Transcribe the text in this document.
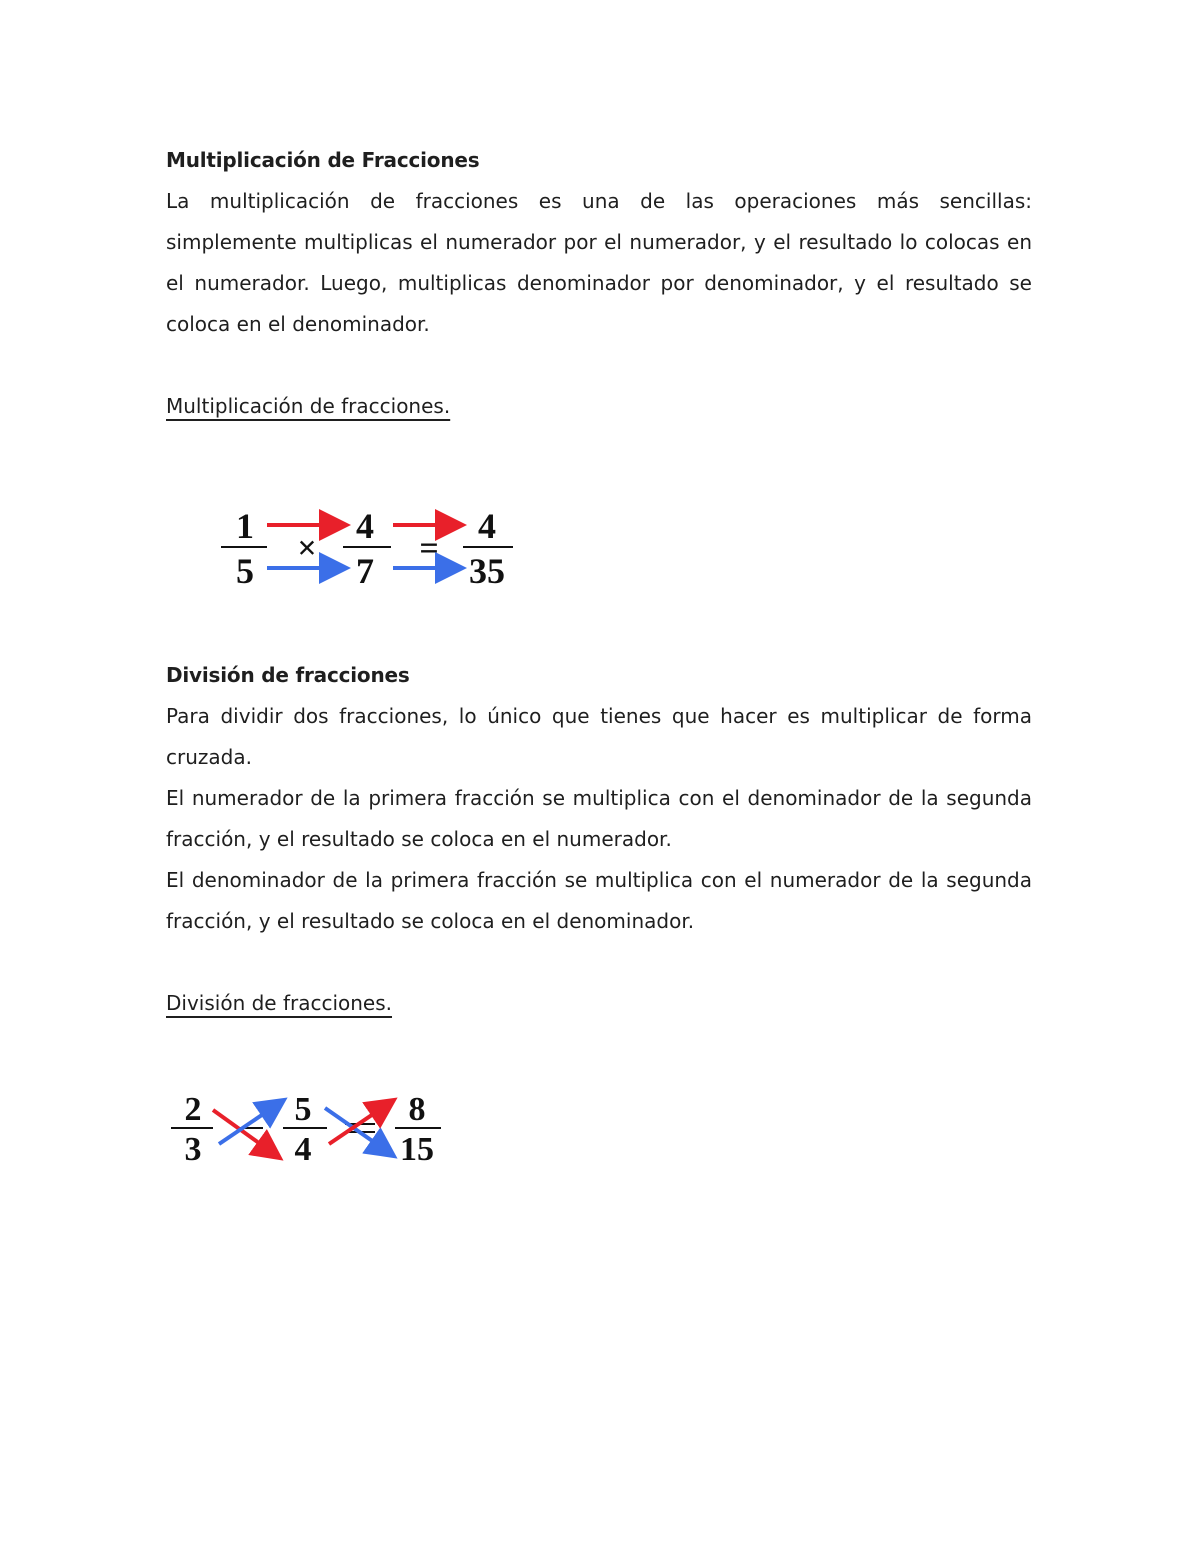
Multiplicación de Fracciones

La multiplicación de fracciones es una de las operaciones más sencillas:

simplemente multiplicas el numerador por el numerador, y el resultado lo colocas en

el numerador. Luego, multiplicas denominador por denominador, y el resultado se

coloca en el denominador.

Multiplicación de fracciones.

1
5
×
4
7
=
4
35

División de fracciones

Para dividir dos fracciones, lo único que tienes que hacer es multiplicar de forma

cruzada.

El numerador de la primera fracción se multiplica con el denominador de la segunda

fracción, y el resultado se coloca en el numerador.

El denominador de la primera fracción se multiplica con el numerador de la segunda

fracción, y el resultado se coloca en el denominador.

División de fracciones.

2
3
5
4
8
15
